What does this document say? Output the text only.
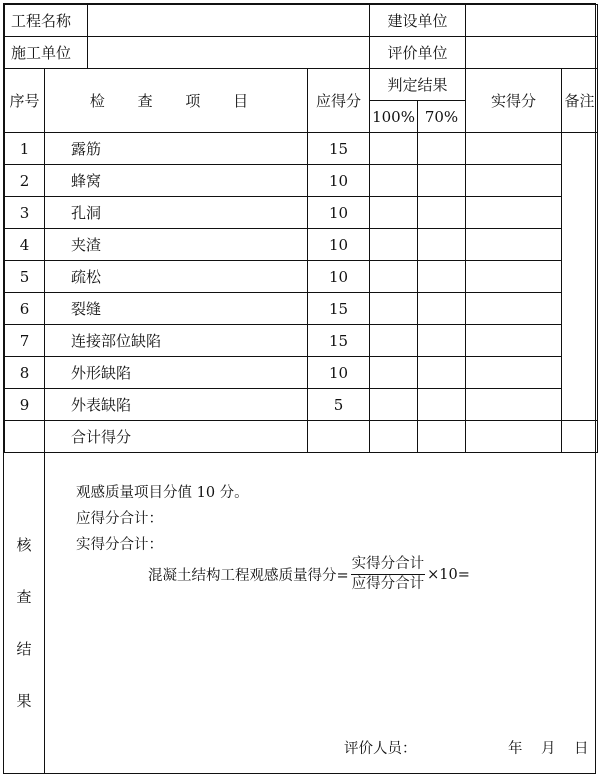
工程名称				建设单位			
施工单位				评价单位			
序号	检 查 项 目		应得分	判定结果		实得分	备注
				100%	70%		
1	露筋		15				
2	蜂窝		10				
3	孔洞		10				
4	夹渣		10				
5	疏松		10				
6	裂缝		15				
7	连接部位缺陷		15				
8	外形缺陷		10				
9	外表缺陷		5				
	合计得分						
核
查
结
果
观感质量项目分值 10 分。
应得分合计：
实得分合计：
混凝土结构工程观感质量得分= $\frac{\text{实得分合计}}{\text{应得分合计}} \times 10=$
评价人员：	年 月 日
